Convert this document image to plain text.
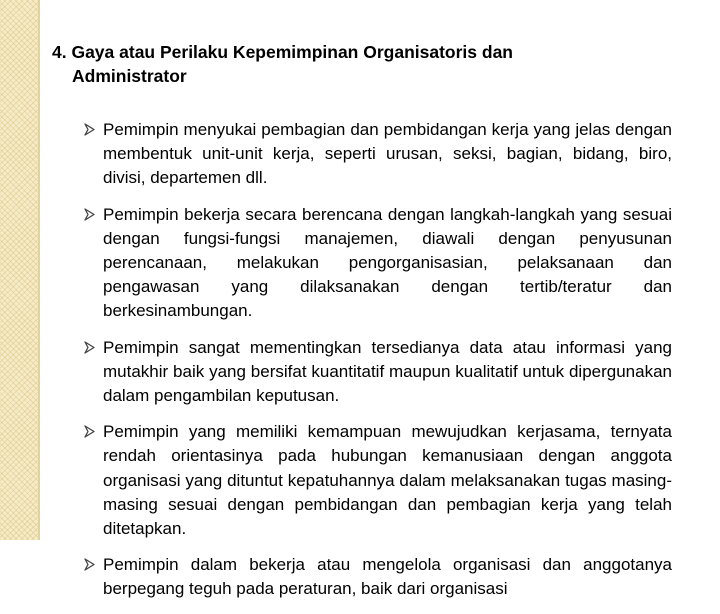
4. Gaya atau Perilaku Kepemimpinan Organisatoris dan
Administrator
Pemimpin menyukai pembagian dan pembidangan kerja yang jelas dengan membentuk unit-unit kerja, seperti urusan, seksi, bagian, bidang, biro, divisi, departemen dll.
Pemimpin bekerja secara berencana dengan langkah-langkah yang sesuai dengan fungsi-fungsi manajemen, diawali dengan penyusunan perencanaan, melakukan pengorganisasian, pelaksanaan dan pengawasan yang dilaksanakan dengan tertib/teratur dan berkesinambungan.
Pemimpin sangat mementingkan tersedianya data atau informasi yang mutakhir baik yang bersifat kuantitatif maupun kualitatif untuk dipergunakan dalam pengambilan keputusan.
Pemimpin yang memiliki kemampuan mewujudkan kerjasama, ternyata rendah orientasinya pada hubungan kemanusiaan dengan anggota organisasi yang dituntut kepatuhannya dalam melaksanakan tugas masing-masing sesuai dengan pembidangan dan pembagian kerja yang telah ditetapkan.
Pemimpin dalam bekerja atau mengelola organisasi dan anggotanya berpegang teguh pada peraturan, baik dari organisasi
